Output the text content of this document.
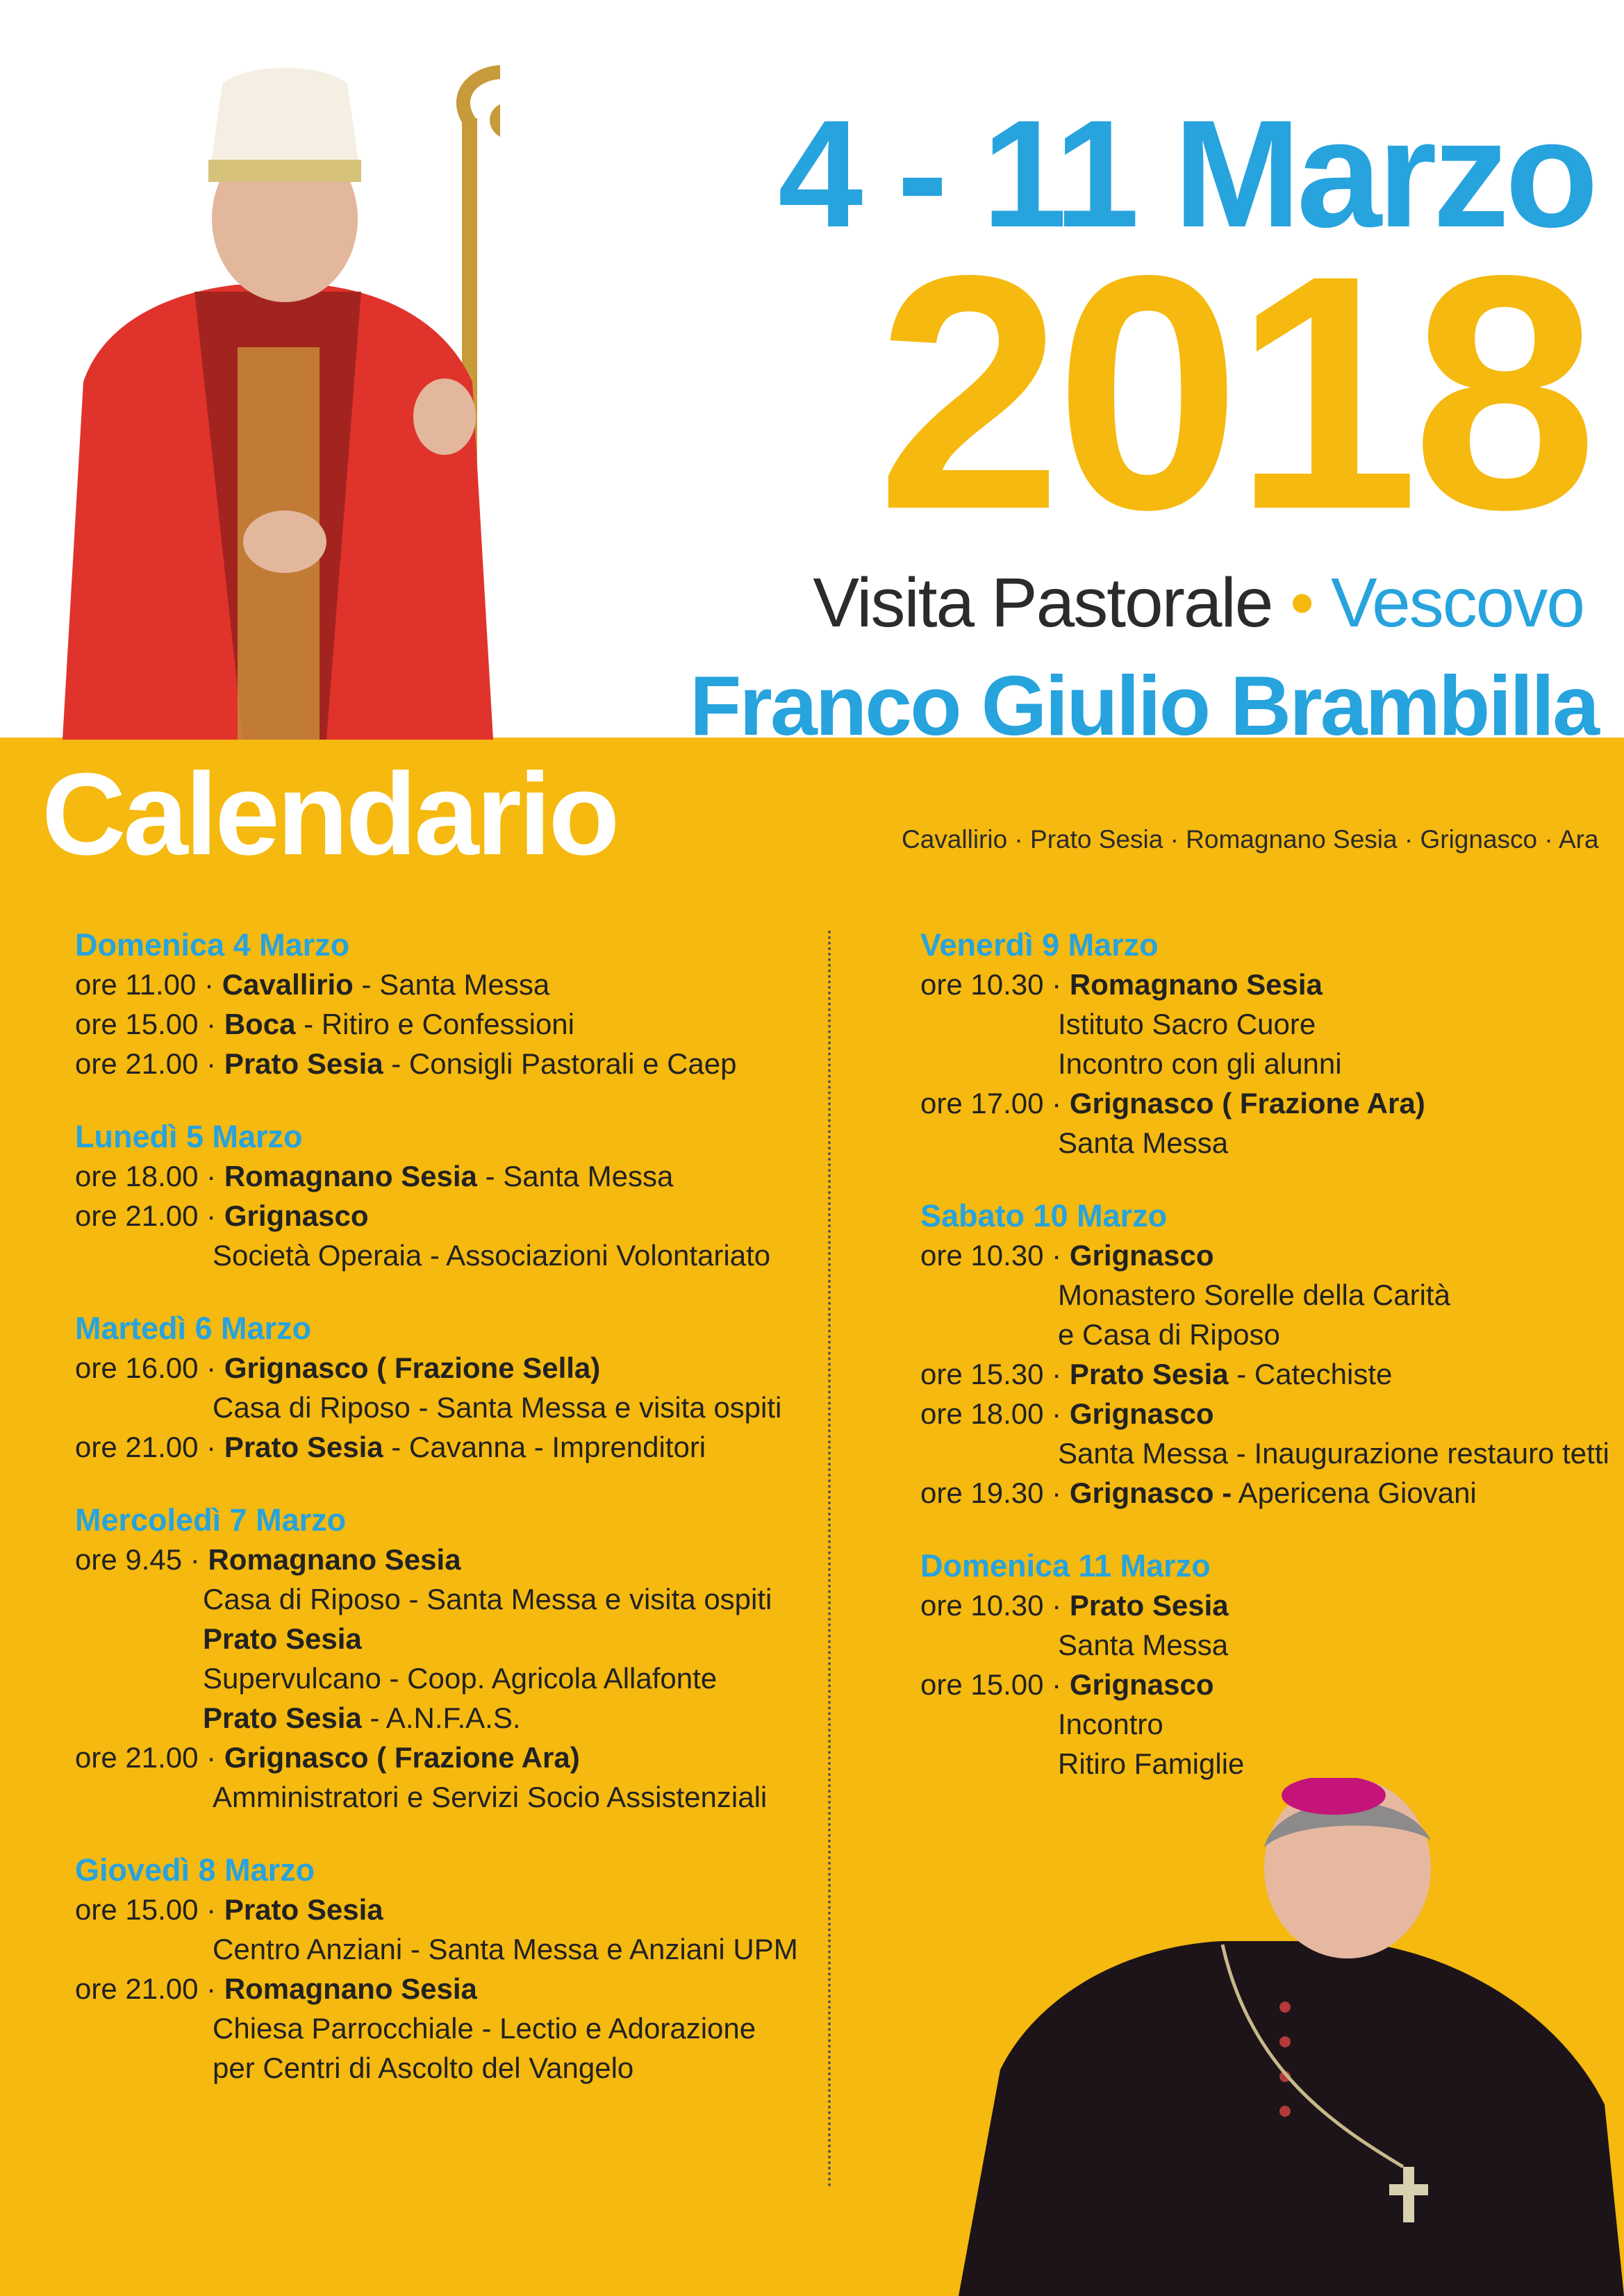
4 - 11 Marzo
2018
Visita Pastorale • Vescovo
Franco Giulio Brambilla
Calendario	Cavallirio · Prato Sesia · Romagnano Sesia · Grignasco · Ara
Domenica 4 Marzo
ore 11.00 · Cavallirio - Santa Messa
ore 15.00 · Boca - Ritiro e Confessioni
ore 21.00 · Prato Sesia - Consigli Pastorali e Caep
Lunedì 5 Marzo
ore 18.00 · Romagnano Sesia - Santa Messa
ore 21.00 · Grignasco
Società Operaia - Associazioni Volontariato
Martedì 6 Marzo
ore 16.00 · Grignasco ( Frazione Sella)
Casa di Riposo - Santa Messa e visita ospiti
ore 21.00 · Prato Sesia - Cavanna - Imprenditori
Mercoledì 7 Marzo
ore 9.45 · Romagnano Sesia
Casa di Riposo - Santa Messa e visita ospiti
Prato Sesia
Supervulcano - Coop. Agricola Allafonte
Prato Sesia - A.N.F.A.S.
ore 21.00 · Grignasco ( Frazione Ara)
Amministratori e Servizi Socio Assistenziali
Giovedì 8 Marzo
ore 15.00 · Prato Sesia
Centro Anziani - Santa Messa e Anziani UPM
ore 21.00 · Romagnano Sesia
Chiesa Parrocchiale - Lectio e Adorazione
per Centri di Ascolto del Vangelo
Venerdì 9 Marzo
ore 10.30 · Romagnano Sesia
Istituto Sacro Cuore
Incontro con gli alunni
ore 17.00 · Grignasco ( Frazione Ara)
Santa Messa
Sabato 10 Marzo
ore 10.30 · Grignasco
Monastero Sorelle della Carità
e Casa di Riposo
ore 15.30 · Prato Sesia - Catechiste
ore 18.00 · Grignasco
Santa Messa - Inaugurazione restauro tetti
ore 19.30 · Grignasco - Apericena Giovani
Domenica 11 Marzo
ore 10.30 · Prato Sesia
Santa Messa
ore 15.00 · Grignasco
Incontro
Ritiro Famiglie
